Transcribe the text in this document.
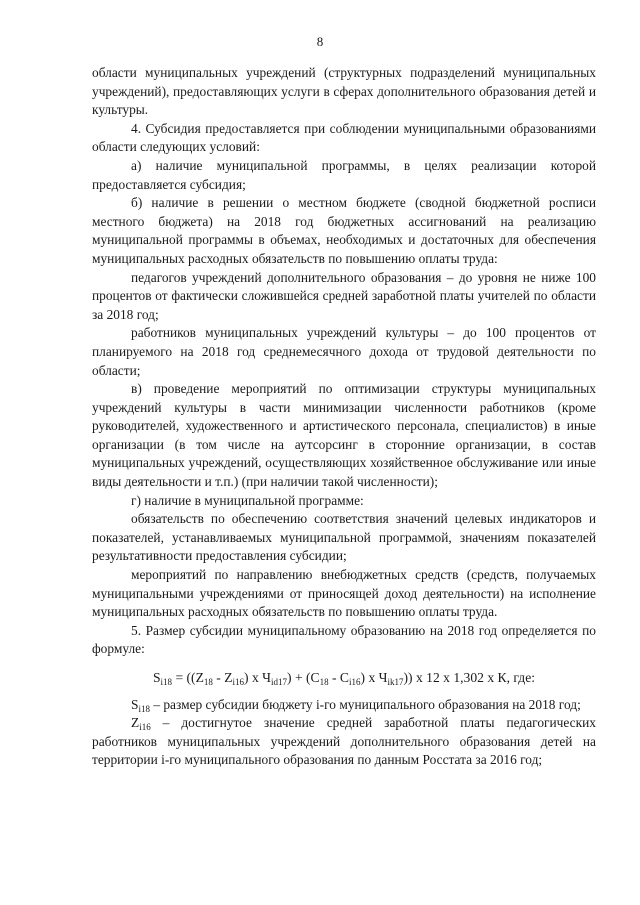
8

области муниципальных учреждений (структурных подразделений муниципальных учреждений), предоставляющих услуги в сферах дополнительного образования детей и культуры.

4. Субсидия предоставляется при соблюдении муниципальными образованиями области следующих условий:

а) наличие муниципальной программы, в целях реализации которой предоставляется субсидия;

б) наличие в решении о местном бюджете (сводной бюджетной росписи местного бюджета) на 2018 год бюджетных ассигнований на реализацию муниципальной программы в объемах, необходимых и достаточных для обеспечения муниципальных расходных обязательств по повышению оплаты труда:

педагогов учреждений дополнительного образования – до уровня не ниже 100 процентов от фактически сложившейся средней заработной платы учителей по области за 2018 год;

работников муниципальных учреждений культуры – до 100 процентов от планируемого на 2018 год среднемесячного дохода от трудовой деятельности по области;

в) проведение мероприятий по оптимизации структуры муниципальных учреждений культуры в части минимизации численности работников (кроме руководителей, художественного и артистического персонала, специалистов) в иные организации (в том числе на аутсорсинг в сторонние организации, в состав муниципальных учреждений, осуществляющих хозяйственное обслуживание или иные виды деятельности и т.п.) (при наличии такой численности);

г) наличие в муниципальной программе:

обязательств по обеспечению соответствия значений целевых индикаторов и показателей, устанавливаемых муниципальной программой, значениям показателей результативности предоставления субсидии;

мероприятий по направлению внебюджетных средств (средств, получаемых муниципальными учреждениями от приносящей доход деятельности) на исполнение муниципальных расходных обязательств по повышению оплаты труда.

5. Размер субсидии муниципальному образованию на 2018 год определяется по формуле:

$S_{i18} = ((Z_{18} - Z_{i16})$ x $Ч_{id17}) + (C_{18} - C_{i16})$ x $Ч_{ik17}$)) x 12 x 1,302 x К, где:

$S_{i18}$ – размер субсидии бюджету i-го муниципального образования на 2018 год;

$Z_{i16}$ – достигнутое значение средней заработной платы педагогических работников муниципальных учреждений дополнительного образования детей на территории i-го муниципального образования по данным Росстата за 2016 год;
